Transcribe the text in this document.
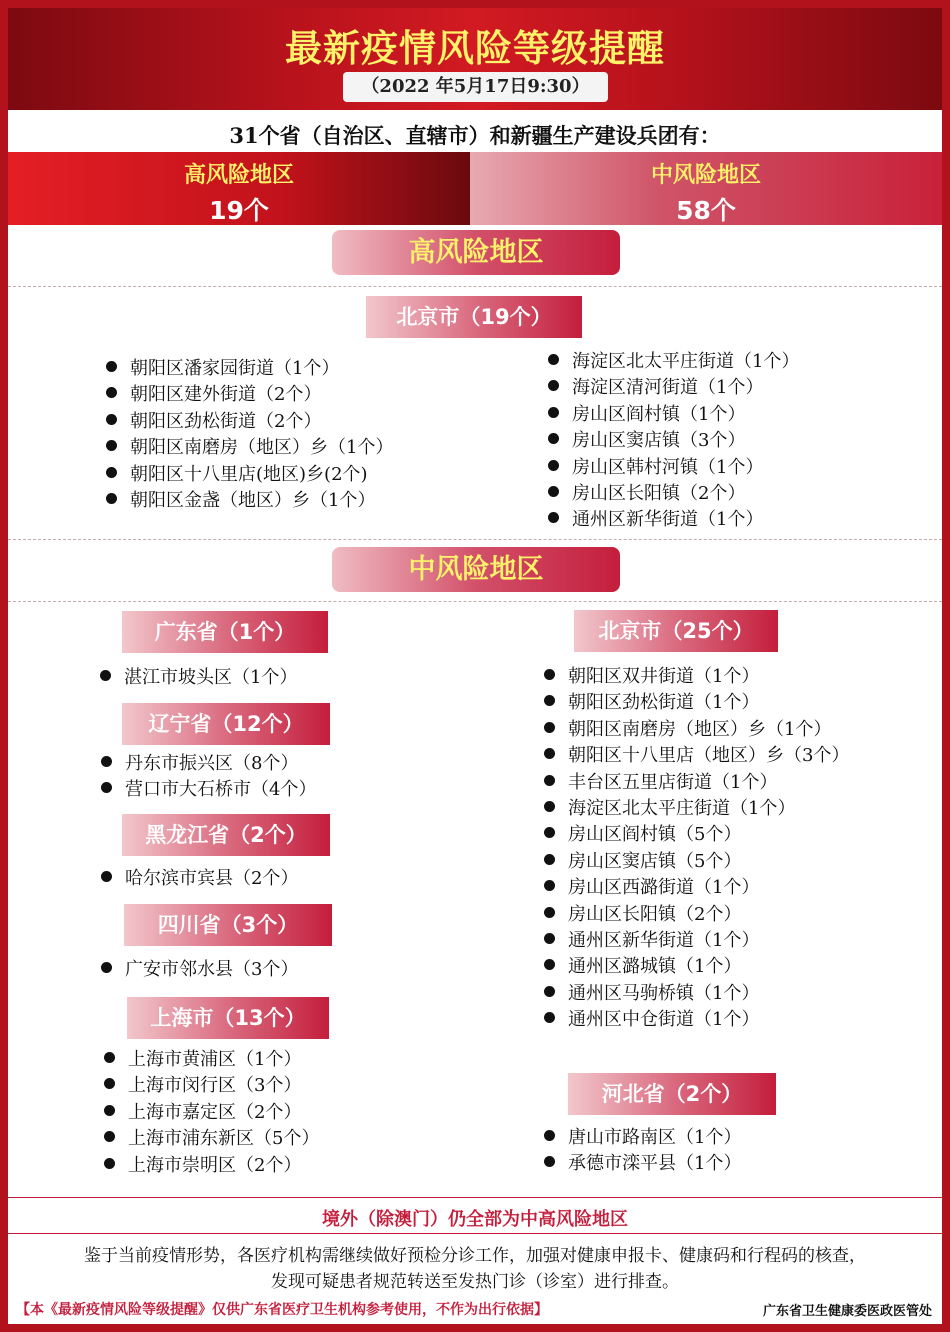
最新疫情风险等级提醒
（2022 年5月17日9:30）
31个省（自治区、直辖市）和新疆生产建设兵团有：
高风险地区
19个
中风险地区
58个
高风险地区
北京市（19个）
朝阳区潘家园街道（1个）
朝阳区建外街道（2个）
朝阳区劲松街道（2个）
朝阳区南磨房（地区）乡（1个）
朝阳区十八里店(地区)乡(2个)
朝阳区金盏（地区）乡（1个）
海淀区北太平庄街道（1个）
海淀区清河街道（1个）
房山区阎村镇（1个）
房山区窦店镇（3个）
房山区韩村河镇（1个）
房山区长阳镇（2个）
通州区新华街道（1个）
中风险地区
广东省（1个）
湛江市坡头区（1个）
辽宁省（12个）
丹东市振兴区（8个）
营口市大石桥市（4个）
黑龙江省（2个）
哈尔滨市宾县（2个）
四川省（3个）
广安市邻水县（3个）
上海市（13个）
上海市黄浦区（1个）
上海市闵行区（3个）
上海市嘉定区（2个）
上海市浦东新区（5个）
上海市崇明区（2个）
北京市（25个）
朝阳区双井街道（1个）
朝阳区劲松街道（1个）
朝阳区南磨房（地区）乡（1个）
朝阳区十八里店（地区）乡（3个）
丰台区五里店街道（1个）
海淀区北太平庄街道（1个）
房山区阎村镇（5个）
房山区窦店镇（5个）
房山区西潞街道（1个）
房山区长阳镇（2个）
通州区新华街道（1个）
通州区潞城镇（1个）
通州区马驹桥镇（1个）
通州区中仓街道（1个）
河北省（2个）
唐山市路南区（1个）
承德市滦平县（1个）
境外（除澳门）仍全部为中高风险地区
鉴于当前疫情形势，各医疗机构需继续做好预检分诊工作，加强对健康申报卡、健康码和行程码的核查，
发现可疑患者规范转送至发热门诊（诊室）进行排查。
【本《最新疫情风险等级提醒》仅供广东省医疗卫生机构参考使用，不作为出行依据】	广东省卫生健康委医政医管处
